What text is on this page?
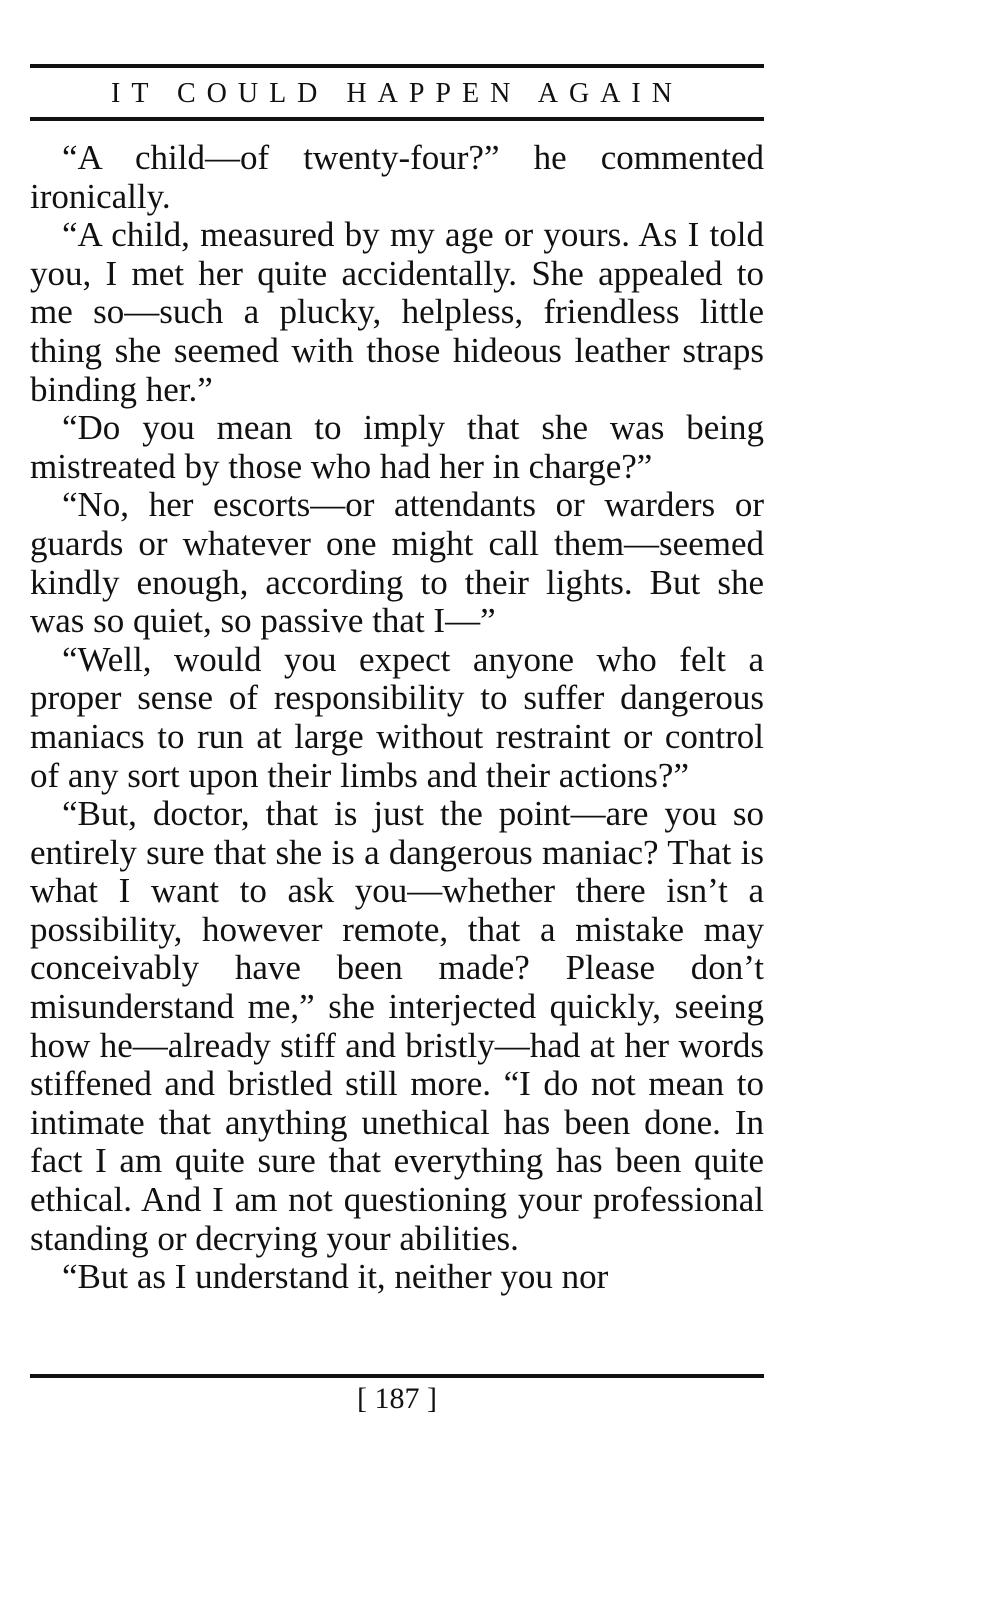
IT COULD HAPPEN AGAIN

“A child—of twenty-four?” he commented ironically.

“A child, measured by my age or yours. As I told you, I met her quite accidentally. She appealed to me so—such a plucky, helpless, friendless little thing she seemed with those hideous leather straps binding her.”

“Do you mean to imply that she was being mistreated by those who had her in charge?”

“No, her escorts—or attendants or warders or guards or whatever one might call them—seemed kindly enough, according to their lights. But she was so quiet, so passive that I—”

“Well, would you expect anyone who felt a proper sense of responsibility to suffer dangerous maniacs to run at large without restraint or control of any sort upon their limbs and their actions?”

“But, doctor, that is just the point—are you so entirely sure that she is a dangerous maniac? That is what I want to ask you—whether there isn’t a possibility, however remote, that a mistake may conceivably have been made? Please don’t misunderstand me,” she interjected quickly, seeing how he—already stiff and bristly—had at her words stiffened and bristled still more. “I do not mean to intimate that anything unethical has been done. In fact I am quite sure that everything has been quite ethical. And I am not questioning your professional standing or decrying your abilities.

“But as I understand it, neither you nor

[ 187 ]
